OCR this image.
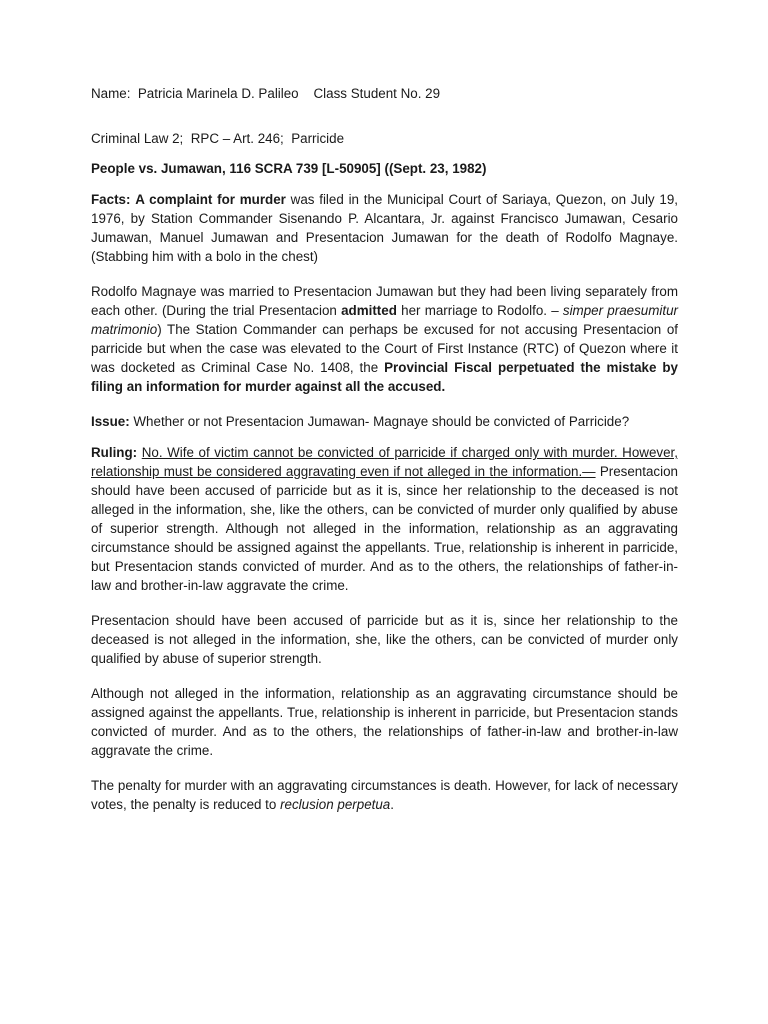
Name:  Patricia Marinela D. Palileo    Class Student No. 29

Criminal Law 2;  RPC – Art. 246;  Parricide

People vs. Jumawan, 116 SCRA 739 [L-50905] ((Sept. 23, 1982)

Facts: A complaint for murder was filed in the Municipal Court of Sariaya, Quezon, on July 19, 1976, by Station Commander Sisenando P. Alcantara, Jr. against Francisco Jumawan, Cesario Jumawan, Manuel Jumawan and Presentacion Jumawan for the death of Rodolfo Magnaye. (Stabbing him with a bolo in the chest)

Rodolfo Magnaye was married to Presentacion Jumawan but they had been living separately from each other. (During the trial Presentacion admitted her marriage to Rodolfo. – simper praesumitur matrimonio) The Station Commander can perhaps be excused for not accusing Presentacion of parricide but when the case was elevated to the Court of First Instance (RTC) of Quezon where it was docketed as Criminal Case No. 1408, the Provincial Fiscal perpetuated the mistake by filing an information for murder against all the accused.

Issue: Whether or not Presentacion Jumawan- Magnaye should be convicted of Parricide?

Ruling: No. Wife of victim cannot be convicted of parricide if charged only with murder. However, relationship must be considered aggravating even if not alleged in the information.— Presentacion should have been accused of parricide but as it is, since her relationship to the deceased is not alleged in the information, she, like the others, can be convicted of murder only qualified by abuse of superior strength. Although not alleged in the information, relationship as an aggravating circumstance should be assigned against the appellants. True, relationship is inherent in parricide, but Presentacion stands convicted of murder. And as to the others, the relationships of father-in-law and brother-in-law aggravate the crime.

Presentacion should have been accused of parricide but as it is, since her relationship to the deceased is not alleged in the information, she, like the others, can be convicted of murder only qualified by abuse of superior strength.

Although not alleged in the information, relationship as an aggravating circumstance should be assigned against the appellants. True, relationship is inherent in parricide, but Presentacion stands convicted of murder. And as to the others, the relationships of father-in-law and brother-in-law aggravate the crime.

The penalty for murder with an aggravating circumstances is death. However, for lack of necessary votes, the penalty is reduced to reclusion perpetua.
